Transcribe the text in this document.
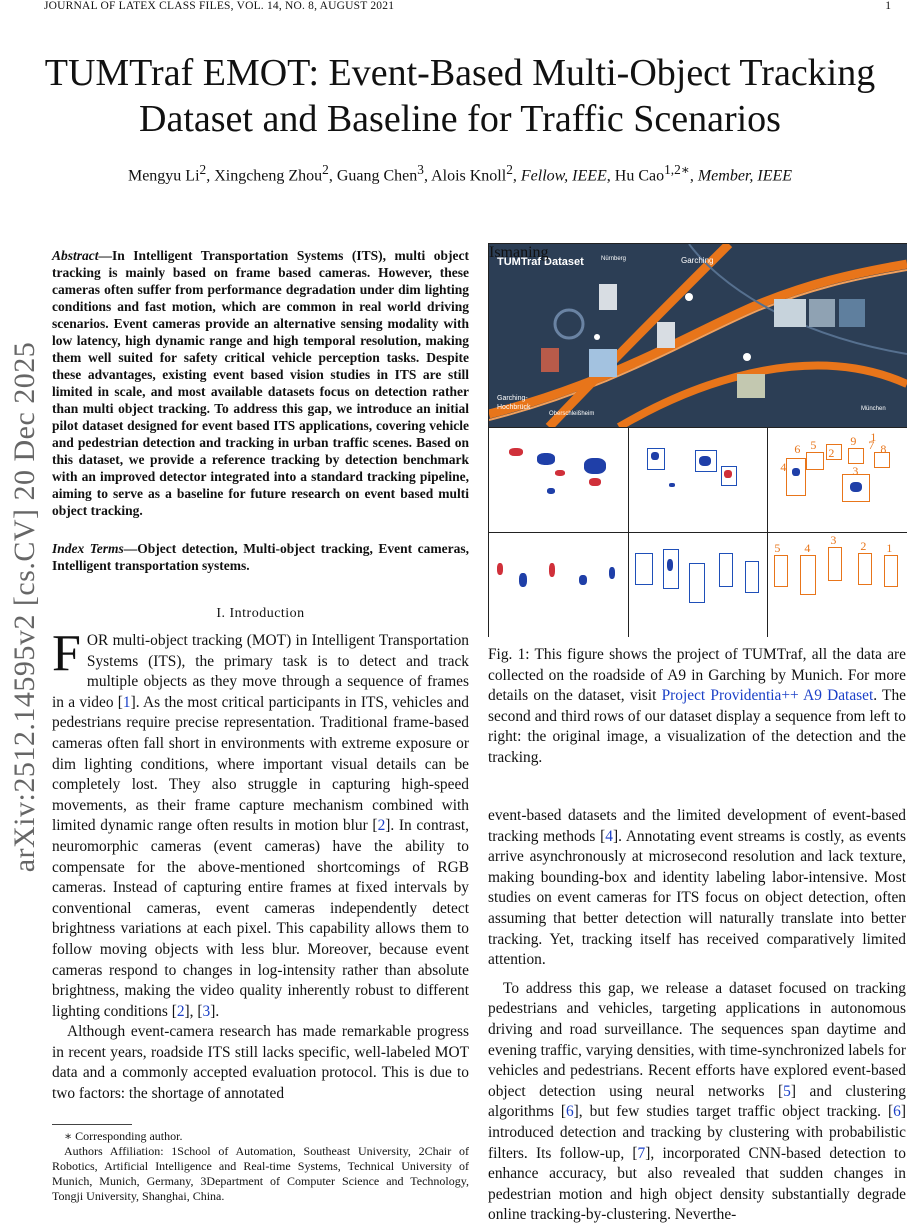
JOURNAL OF LATEX CLASS FILES, VOL. 14, NO. 8, AUGUST 2021	1
TUMTraf EMOT: Event-Based Multi-Object Tracking Dataset and Baseline for Traffic Scenarios
Mengyu Li$^2$, Xingcheng Zhou$^2$, Guang Chen$^3$, Alois Knoll$^2$, Fellow, IEEE, Hu Cao$^{1,2∗}$, Member, IEEE
arXiv:2512.14595v2 [cs.CV] 20 Dec 2025
Abstract—In Intelligent Transportation Systems (ITS), multi object tracking is mainly based on frame based cameras. However, these cameras often suffer from performance degradation under dim lighting conditions and fast motion, which are common in real world driving scenarios. Event cameras provide an alternative sensing modality with low latency, high dynamic range and high temporal resolution, making them well suited for safety critical vehicle perception tasks. Despite these advantages, existing event based vision studies in ITS are still limited in scale, and most available datasets focus on detection rather than multi object tracking. To address this gap, we introduce an initial pilot dataset designed for event based ITS applications, covering vehicle and pedestrian detection and tracking in urban traffic scenes. Based on this dataset, we provide a reference tracking by detection benchmark with an improved detector integrated into a standard tracking pipeline, aiming to serve as a baseline for future research on event based multi object tracking.
Index Terms—Object detection, Multi-object tracking, Event cameras, Intelligent transportation systems.
I. Introduction

FOR multi-object tracking (MOT) in Intelligent Transportation Systems (ITS), the primary task is to detect and track multiple objects as they move through a sequence of frames in a video [1]. As the most critical participants in ITS, vehicles and pedestrians require precise representation. Traditional frame-based cameras often fall short in environments with extreme exposure or dim lighting conditions, where important visual details can be completely lost. They also struggle in capturing high-speed movements, as their frame capture mechanism combined with limited dynamic range often results in motion blur [2]. In contrast, neuromorphic cameras (event cameras) have the ability to compensate for the above-mentioned shortcomings of RGB cameras. Instead of capturing entire frames at fixed intervals by conventional cameras, event cameras independently detect brightness variations at each pixel. This capability allows them to follow moving objects with less blur. Moreover, because event cameras respond to changes in log-intensity rather than absolute brightness, making the video quality inherently robust to different lighting conditions [2], [3].

Although event-camera research has made remarkable progress in recent years, roadside ITS still lacks specific, well-labeled MOT data and a commonly accepted evaluation protocol. This is due to two factors: the shortage of annotated

∗ Corresponding author.
Authors Affiliation: 1School of Automation, Southeast University, 2Chair of Robotics, Artificial Intelligence and Real-time Systems, Technical University of Munich, Munich, Germany, 3Department of Computer Science and Technology, Tongji University, Shanghai, China.
TUMTraf Dataset	Nürnberg	Garching
Ismaning
Garching-Hochbrück
Oberschleißheim
München
6 5	9 7 8
4	3
2
1
5 4
3 2 1
Fig. 1: This figure shows the project of TUMTraf, all the data are collected on the roadside of A9 in Garching by Munich. For more details on the dataset, visit Project Providentia++ A9 Dataset. The second and third rows of our dataset display a sequence from left to right: the original image, a visualization of the detection and the tracking.

event-based datasets and the limited development of event-based tracking methods [4]. Annotating event streams is costly, as events arrive asynchronously at microsecond resolution and lack texture, making bounding-box and identity labeling labor-intensive. Most studies on event cameras for ITS focus on object detection, often assuming that better detection will naturally translate into better tracking. Yet, tracking itself has received comparatively limited attention.

To address this gap, we release a dataset focused on tracking pedestrians and vehicles, targeting applications in autonomous driving and road surveillance. The sequences span daytime and evening traffic, varying densities, with time-synchronized labels for vehicles and pedestrians. Recent efforts have explored event-based object detection using neural networks [5] and clustering algorithms [6], but few studies target traffic object tracking. [6] introduced detection and tracking by clustering with probabilistic filters. Its follow-up, [7], incorporated CNN-based detection to enhance accuracy, but also revealed that sudden changes in pedestrian motion and high object density substantially degrade online tracking-by-clustering. Neverthe-
